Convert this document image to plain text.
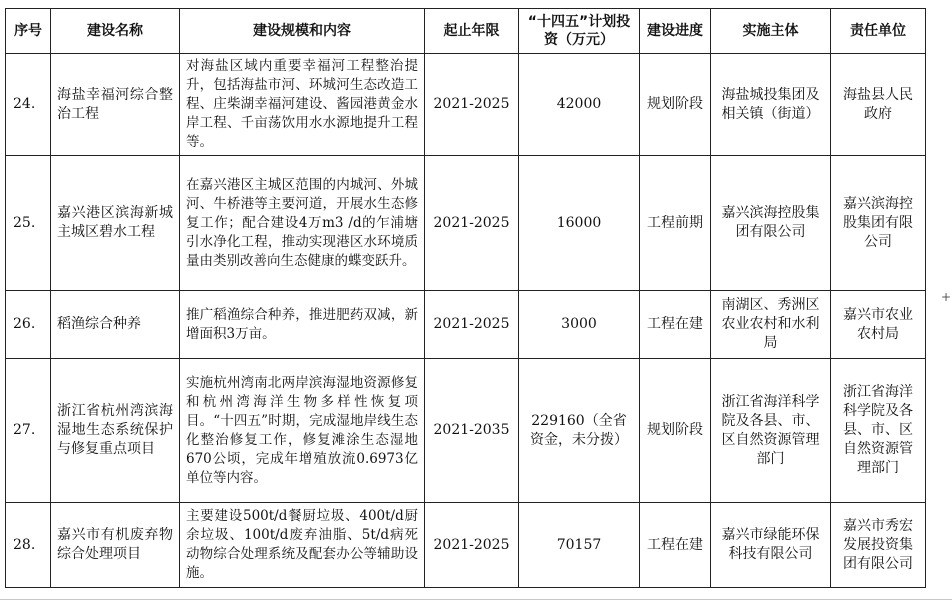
序号	建设名称	建设规模和内容	起止年限	“十四五”计划投资（万元）	建设进度	实施主体	责任单位
24.	海盐幸福河综合整治工程	对海盐区域内重要幸福河工程整治提升，包括海盐市河、环城河生态改造工程、庄柴湖幸福河建设、酱园港黄金水岸工程、千亩荡饮用水水源地提升工程等。	2021-2025	42000	规划阶段	海盐城投集团及相关镇（街道）	海盐县人民政府
25.	嘉兴港区滨海新城主城区碧水工程	在嘉兴港区主城区范围的内城河、外城河、牛桥港等主要河道，开展水生态修复工作；配合建设4万m3 /d的乍浦塘引水净化工程，推动实现港区水环境质量由类别改善向生态健康的蝶变跃升。	2021-2025	16000	工程前期	嘉兴滨海控股集团有限公司	嘉兴滨海控股集团有限公司
26.	稻渔综合种养	推广稻渔综合种养，推进肥药双减，新增面积3万亩。	2021-2025	3000	工程在建	南湖区、秀洲区农业农村和水利局	嘉兴市农业农村局
27.	浙江省杭州湾滨海湿地生态系统保护与修复重点项目	实施杭州湾南北两岸滨海湿地资源修复和杭州湾海洋生物多样性恢复项目。“十四五”时期，完成湿地岸线生态化整治修复工作，修复滩涂生态湿地670公顷，完成年增殖放流0.6973亿单位等内容。	2021-2035	229160（全省资金，未分拨）	规划阶段	浙江省海洋科学院及各县、市、区自然资源管理部门	浙江省海洋科学院及各县、市、区自然资源管理部门
28.	嘉兴市有机废弃物综合处理项目	主要建设500t/d餐厨垃圾、400t/d厨余垃圾、100t/d废弃油脂、5t/d病死动物综合处理系统及配套办公等辅助设施。	2021-2025	70157	工程在建	嘉兴市绿能环保科技有限公司	嘉兴市秀宏发展投资集团有限公司
+
